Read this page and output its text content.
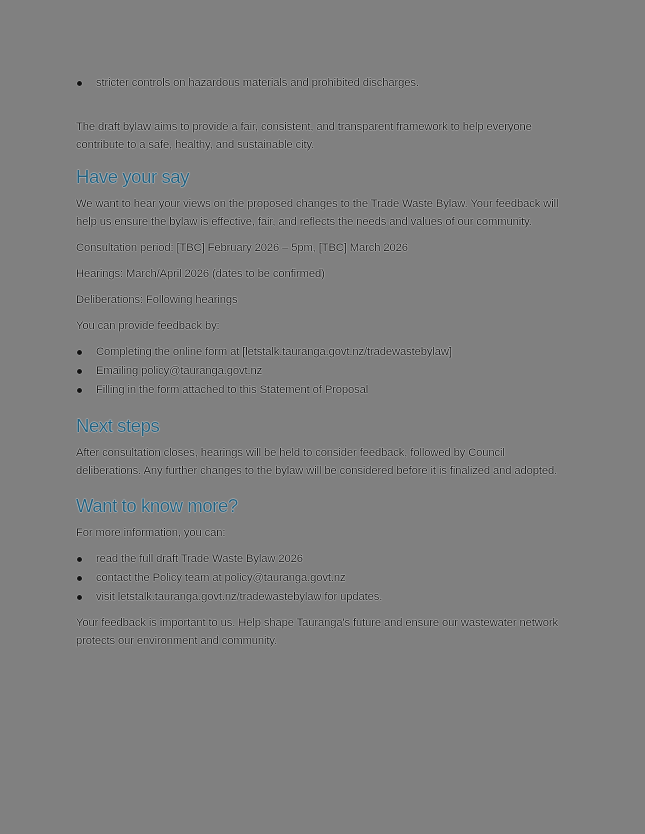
stricter controls on hazardous materials and prohibited discharges.

The draft bylaw aims to provide a fair, consistent, and transparent framework to help everyone contribute to a safe, healthy, and sustainable city.

Have your say

We want to hear your views on the proposed changes to the Trade Waste Bylaw. Your feedback will help us ensure the bylaw is effective, fair, and reflects the needs and values of our community.

Consultation period: [TBC] February 2026 – 5pm, [TBC] March 2026

Hearings: March/April 2026 (dates to be confirmed)

Deliberations: Following hearings

You can provide feedback by:

Completing the online form at [letstalk.tauranga.govt.nz/tradewastebylaw]
Emailing policy@tauranga.govt.nz
Filling in the form attached to this Statement of Proposal
Next steps

After consultation closes, hearings will be held to consider feedback, followed by Council deliberations. Any further changes to the bylaw will be considered before it is finalized and adopted.

Want to know more?

For more information, you can:

read the full draft Trade Waste Bylaw 2026
contact the Policy team at policy@tauranga.govt.nz
visit letstalk.tauranga.govt.nz/tradewastebylaw for updates.

Your feedback is important to us. Help shape Tauranga's future and ensure our wastewater network protects our environment and community.
